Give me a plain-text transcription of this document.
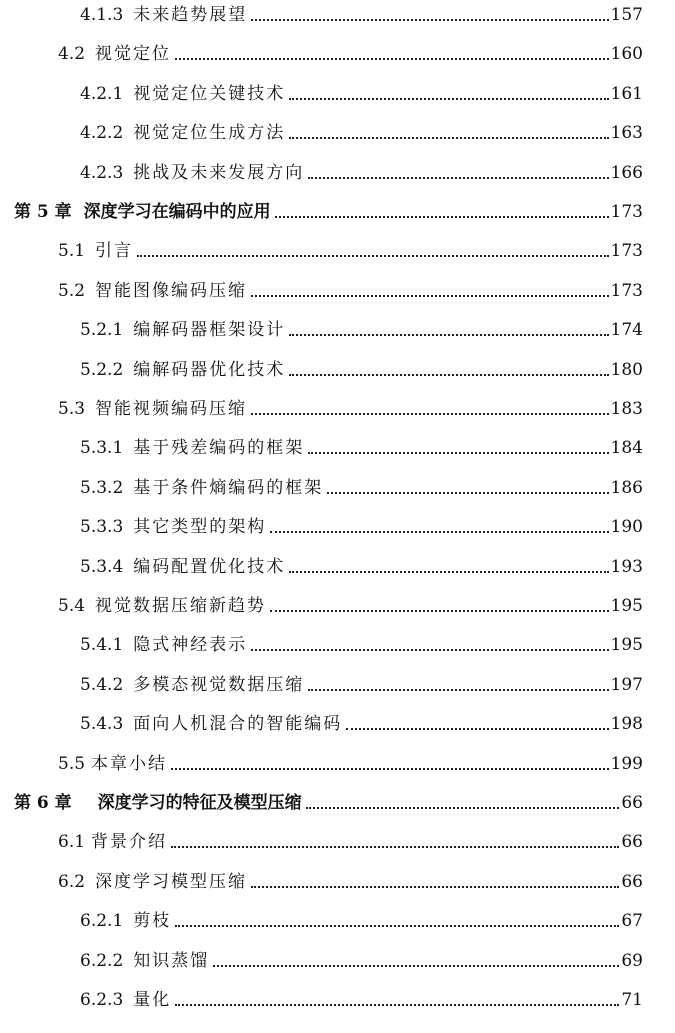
4.1.3 未来趋势展望	157
4.2 视觉定位	160
4.2.1 视觉定位关键技术	161
4.2.2 视觉定位生成方法	163
4.2.3 挑战及未来发展方向	166
第 5 章 深度学习在编码中的应用	173
5.1 引言	173
5.2 智能图像编码压缩	173
5.2.1 编解码器框架设计	174
5.2.2 编解码器优化技术	180
5.3 智能视频编码压缩	183
5.3.1 基于残差编码的框架	184
5.3.2 基于条件熵编码的框架	186
5.3.3 其它类型的架构	190
5.3.4 编码配置优化技术	193
5.4 视觉数据压缩新趋势	195
5.4.1 隐式神经表示	195
5.4.2 多模态视觉数据压缩	197
5.4.3 面向人机混合的智能编码	198
5.5 本章小结	199
第 6 章 深度学习的特征及模型压缩	66
6.1 背景介绍	66
6.2 深度学习模型压缩	66
6.2.1 剪枝	67
6.2.2 知识蒸馏	69
6.2.3 量化	71
